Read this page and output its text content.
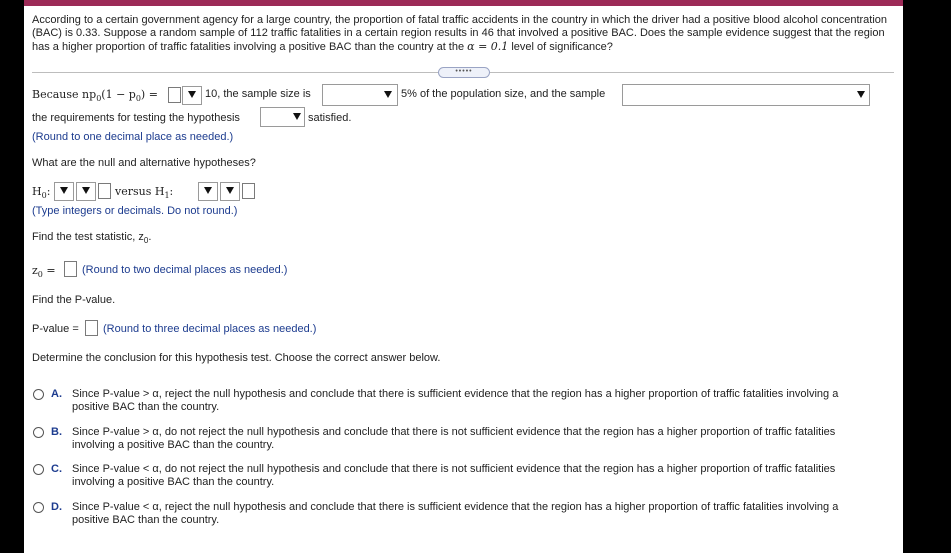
According to a certain government agency for a large country, the proportion of fatal traffic accidents in the country in which the driver had a positive blood alcohol concentration (BAC) is 0.33. Suppose a random sample of 112 traffic fatalities in a certain region results in 46 that involved a positive BAC. Does the sample evidence suggest that the region has a higher proportion of traffic fatalities involving a positive BAC than the country at the α = 0.1 level of significance?
•••••
Because $np_0(1 - p_0)$ =	10, the sample size is	5% of the population size, and the sample
the requirements for testing the hypothesis	satisfied.
(Round to one decimal place as needed.)
What are the null and alternative hypotheses?
$H_0$:	versus $H_1$:
(Type integers or decimals. Do not round.)
Find the test statistic, $z_0$.
$z_0$ = (Round to two decimal places as needed.)
Find the P-value.
P-value = (Round to three decimal places as needed.)
Determine the conclusion for this hypothesis test. Choose the correct answer below.
A. Since P-value > α, reject the null hypothesis and conclude that there is sufficient evidence that the region has a higher proportion of traffic fatalities involving a positive BAC than the country.
B. Since P-value > α, do not reject the null hypothesis and conclude that there is not sufficient evidence that the region has a higher proportion of traffic fatalities involving a positive BAC than the country.
C. Since P-value < α, do not reject the null hypothesis and conclude that there is not sufficient evidence that the region has a higher proportion of traffic fatalities involving a positive BAC than the country.
D. Since P-value < α, reject the null hypothesis and conclude that there is sufficient evidence that the region has a higher proportion of traffic fatalities involving a positive BAC than the country.
